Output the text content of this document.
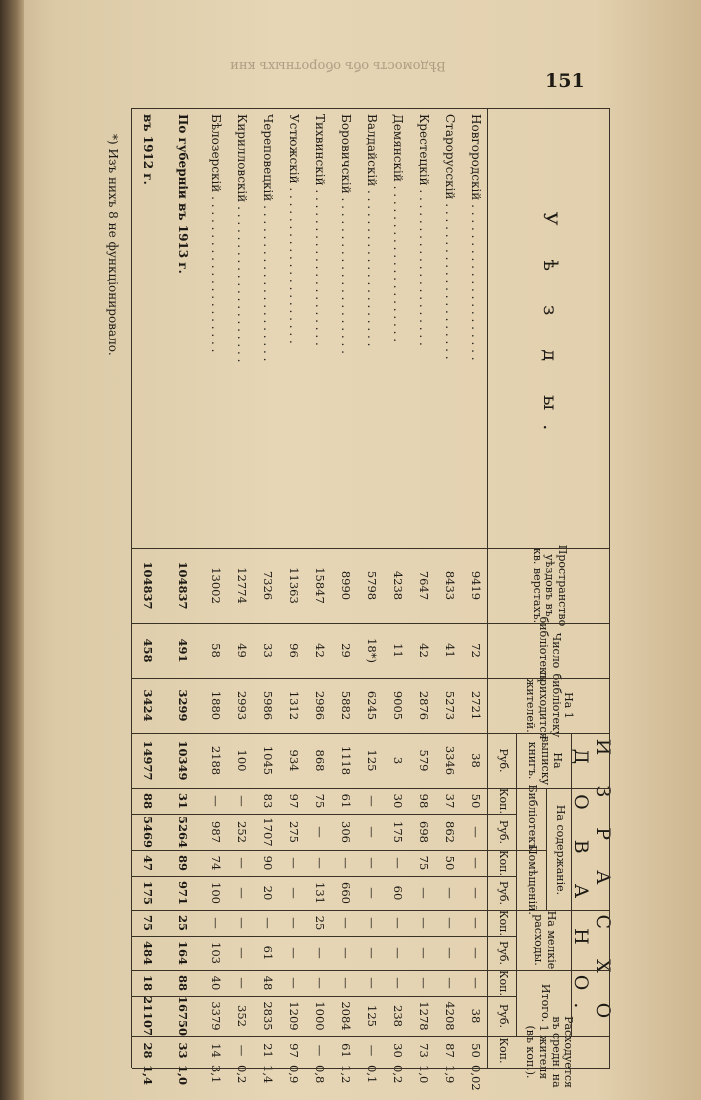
Вѣдомость объ оборотныхъ кни
151
У ѣ з д ы.
Пространство уѣздовъ въ кв. верстахъ.
Число библіотекъ.
На 1 библіотеку приходится жителей.
И З Р А С Х О Д О В А Н О.
Расходуется въ средн. на 1 жителя (въ коп.).
На выписку книгъ.
На содержаніе.
Библіотекъ.
Помѣщеній.
На мелкіе расходы.
Итого.
Руб.
Коп.
Руб.
Коп.
Руб.
Коп.
Руб.
Коп.
Руб.
Коп.
Новгородскій . . . . . . . . . . . . . . . . . . . . .
9419
72
2721
38
50
—
—
—
—
—
—
38
50
0,02
Старорусскій . . . . . . . . . . . . . . . . . . . . .
8433
41
5273
3346
37
862
50
—
—
—
—
4208
87
1,9
Крестецкій . . . . . . . . . . . . . . . . . . . . .
7647
42
2876
579
98
698
75
—
—
—
—
1278
73
1,0
Демянскій . . . . . . . . . . . . . . . . . . . . .
4238
11
9005
3
30
175
—
60
—
—
—
238
30
0,2
Валдайскій . . . . . . . . . . . . . . . . . . . . .
5798
18*)
6245
125
—
—
—
—
—
—
—
125
—
0,1
Боровичскій . . . . . . . . . . . . . . . . . . . . .
8990
29
5882
1118
61
306
—
660
—
—
—
2084
61
1,2
Тихвинскій . . . . . . . . . . . . . . . . . . . . .
15847
42
2986
868
75
—
—
131
25
—
—
1000
—
0,8
Устюжскій . . . . . . . . . . . . . . . . . . . . .
11363
96
1312
934
97
275
—
—
—
—
—
1209
97
0,9
Череповецкій . . . . . . . . . . . . . . . . . . . . .
7326
33
5986
1045
83
1707
90
20
—
61
48
2835
21
1,4
Кирилловскій . . . . . . . . . . . . . . . . . . . . .
12774
49
2993
100
—
252
—
—
—
—
—
352
—
0,2
Бѣлозерскій . . . . . . . . . . . . . . . . . . . . .
13002
58
1880
2188
—
987
74
100
—
103
40
3379
14
3,1
По губерніи въ 1913 г.
104837
491
3299
10349
31
5264
89
971
25
164
88
16750
33
1,0
въ 1912 г.
104837
458
3424
14977
88
5469
47
175
75
484
18
21107
28
1,4
*) Изъ нихъ 8 не функціонировало.
